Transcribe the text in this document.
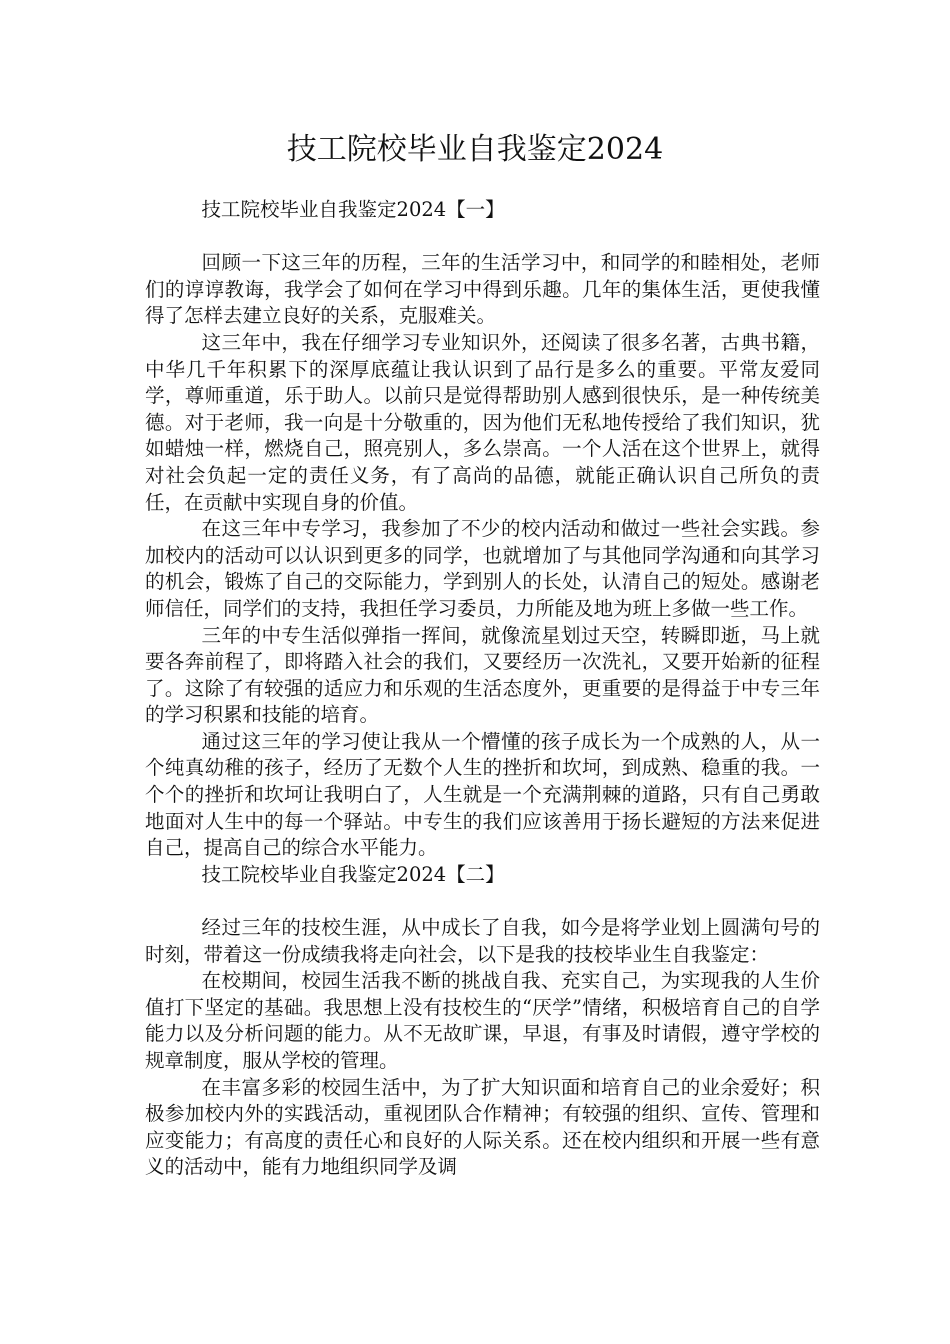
技工院校毕业自我鉴定2024
技工院校毕业自我鉴定2024【一】

回顾一下这三年的历程，三年的生活学习中，和同学的和睦相处，老师们的谆谆教诲，我学会了如何在学习中得到乐趣。几年的集体生活，更使我懂得了怎样去建立良好的关系，克服难关。

这三年中，我在仔细学习专业知识外，还阅读了很多名著，古典书籍，中华几千年积累下的深厚底蕴让我认识到了品行是多么的重要。平常友爱同学，尊师重道，乐于助人。以前只是觉得帮助别人感到很快乐，是一种传统美德。对于老师，我一向是十分敬重的，因为他们无私地传授给了我们知识，犹如蜡烛一样，燃烧自己，照亮别人，多么崇高。一个人活在这个世界上，就得对社会负起一定的责任义务，有了高尚的品德，就能正确认识自己所负的责任，在贡献中实现自身的价值。

在这三年中专学习，我参加了不少的校内活动和做过一些社会实践。参加校内的活动可以认识到更多的同学，也就增加了与其他同学沟通和向其学习的机会，锻炼了自己的交际能力，学到别人的长处，认清自己的短处。感谢老师信任，同学们的支持，我担任学习委员，力所能及地为班上多做一些工作。

三年的中专生活似弹指一挥间，就像流星划过天空，转瞬即逝，马上就要各奔前程了，即将踏入社会的我们，又要经历一次洗礼，又要开始新的征程了。这除了有较强的适应力和乐观的生活态度外，更重要的是得益于中专三年的学习积累和技能的培育。

通过这三年的学习使让我从一个懵懂的孩子成长为一个成熟的人，从一个纯真幼稚的孩子，经历了无数个人生的挫折和坎坷，到成熟、稳重的我。一个个的挫折和坎坷让我明白了，人生就是一个充满荆棘的道路，只有自己勇敢地面对人生中的每一个驿站。中专生的我们应该善用于扬长避短的方法来促进自己，提高自己的综合水平能力。

技工院校毕业自我鉴定2024【二】

经过三年的技校生涯，从中成长了自我，如今是将学业划上圆满句号的时刻，带着这一份成绩我将走向社会，以下是我的技校毕业生自我鉴定：

在校期间，校园生活我不断的挑战自我、充实自己，为实现我的人生价值打下坚定的基础。我思想上没有技校生的“厌学”情绪，积极培育自己的自学能力以及分析问题的能力。从不无故旷课，早退，有事及时请假，遵守学校的规章制度，服从学校的管理。

在丰富多彩的校园生活中，为了扩大知识面和培育自己的业余爱好；积极参加校内外的实践活动，重视团队合作精神；有较强的组织、宣传、管理和应变能力；有高度的责任心和良好的人际关系。还在校内组织和开展一些有意义的活动中，能有力地组织同学及调
